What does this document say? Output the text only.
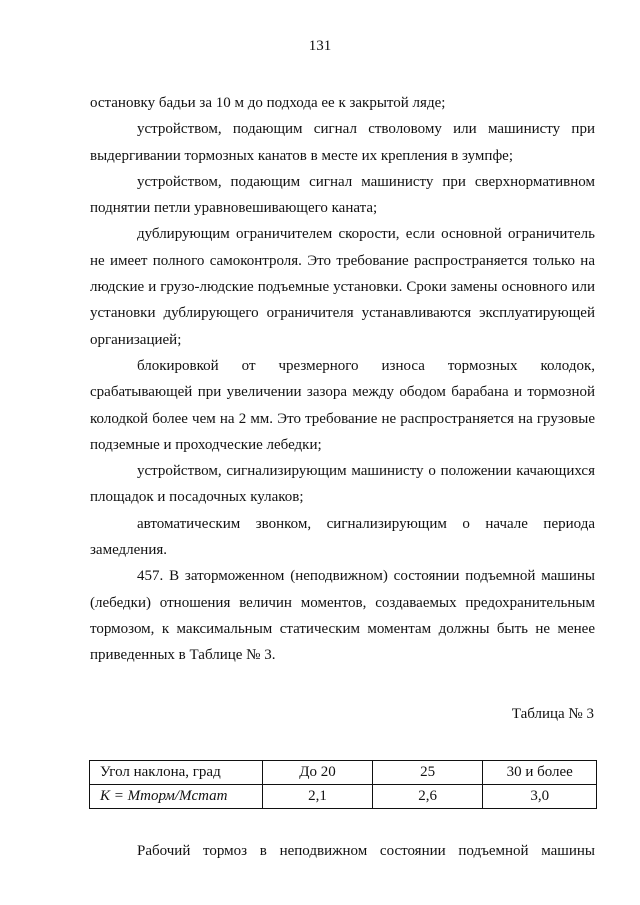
131

остановку бадьи за 10 м до подхода ее к закрытой ляде;

устройством, подающим сигнал стволовому или машинисту при выдергивании тормозных канатов в месте их крепления в зумпфе;

устройством, подающим сигнал машинисту при сверхнормативном поднятии петли уравновешивающего каната;

дублирующим ограничителем скорости, если основной ограничитель не имеет полного самоконтроля. Это требование распространяется только на людские и грузо-людские подъемные установки. Сроки замены основного или установки дублирующего ограничителя устанавливаются эксплуатирующей организацией;

блокировкой от чрезмерного износа тормозных колодок, срабатывающей при увеличении зазора между ободом барабана и тормозной колодкой более чем на 2 мм. Это требование не распространяется на грузовые подземные и проходческие лебедки;

устройством, сигнализирующим машинисту о положении качающихся площадок и посадочных кулаков;

автоматическим звонком, сигнализирующим о начале периода замедления.

457. В заторможенном (неподвижном) состоянии подъемной машины (лебедки) отношения величин моментов, создаваемых предохранительным тормозом, к максимальным статическим моментам должны быть не менее приведенных в Таблице № 3.

Таблица № 3
Угол наклона, град	До 20	25	30 и более
K = Mторм/Mстат	2,1	2,6	3,0

Рабочий тормоз в неподвижном состоянии подъемной машины
